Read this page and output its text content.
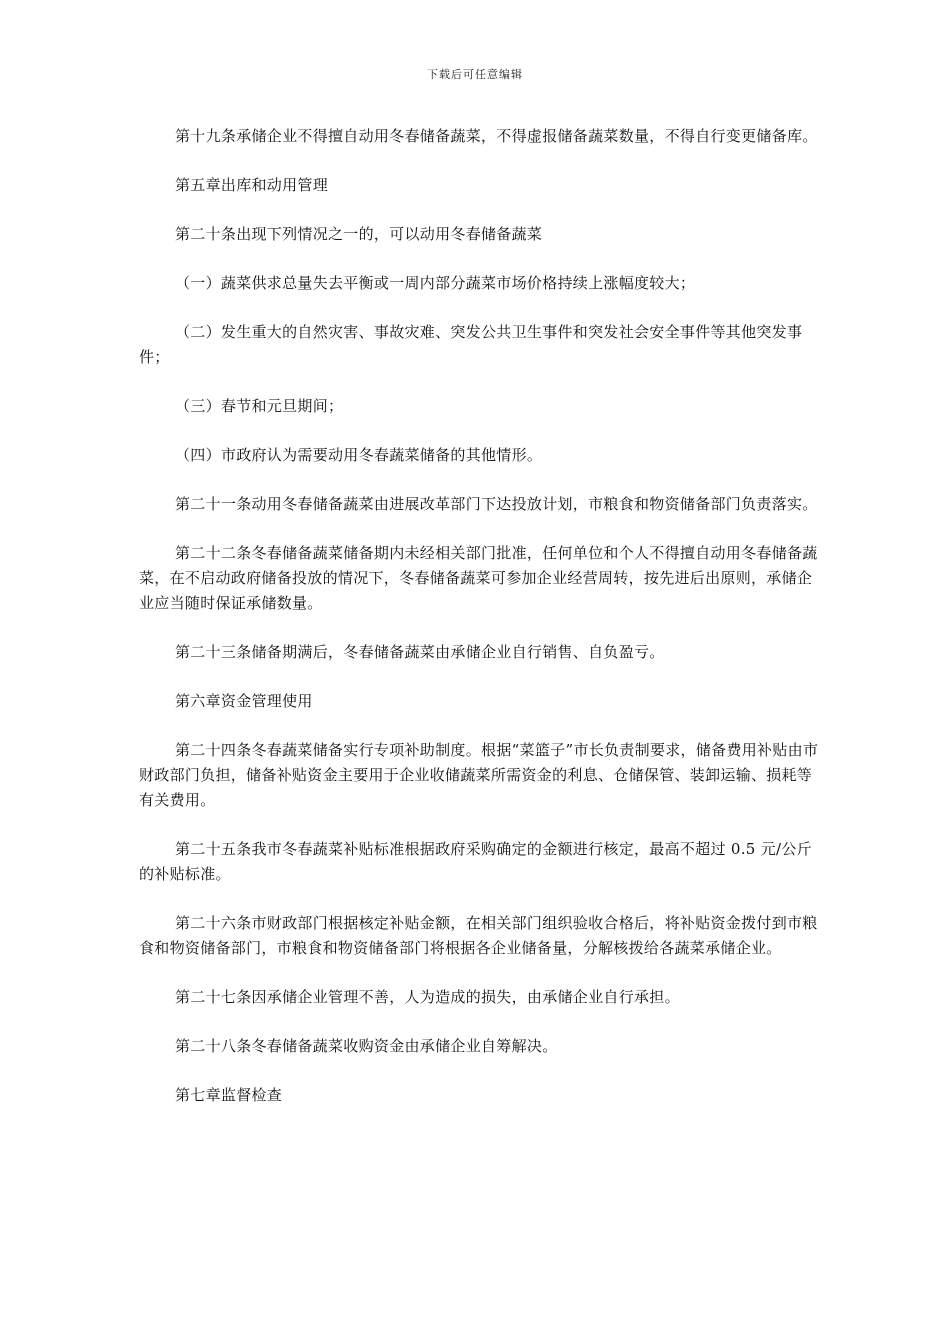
下载后可任意编辑

第十九条承储企业不得擅自动用冬春储备蔬菜，不得虚报储备蔬菜数量，不得自行变更储备库。

第五章出库和动用管理

第二十条出现下列情况之一的，可以动用冬春储备蔬菜

（一）蔬菜供求总量失去平衡或一周内部分蔬菜市场价格持续上涨幅度较大；

（二）发生重大的自然灾害、事故灾难、突发公共卫生事件和突发社会安全事件等其他突发事件；

（三）春节和元旦期间；

（四）市政府认为需要动用冬春蔬菜储备的其他情形。

第二十一条动用冬春储备蔬菜由进展改革部门下达投放计划，市粮食和物资储备部门负责落实。

第二十二条冬春储备蔬菜储备期内未经相关部门批准，任何单位和个人不得擅自动用冬春储备蔬菜，在不启动政府储备投放的情况下，冬春储备蔬菜可参加企业经营周转，按先进后出原则，承储企业应当随时保证承储数量。

第二十三条储备期满后，冬春储备蔬菜由承储企业自行销售、自负盈亏。

第六章资金管理使用

第二十四条冬春蔬菜储备实行专项补助制度。根据“菜篮子”市长负责制要求，储备费用补贴由市财政部门负担，储备补贴资金主要用于企业收储蔬菜所需资金的利息、仓储保管、装卸运输、损耗等有关费用。

第二十五条我市冬春蔬菜补贴标准根据政府采购确定的金额进行核定，最高不超过 0.5 元/公斤的补贴标准。

第二十六条市财政部门根据核定补贴金额，在相关部门组织验收合格后，将补贴资金拨付到市粮食和物资储备部门，市粮食和物资储备部门将根据各企业储备量，分解核拨给各蔬菜承储企业。

第二十七条因承储企业管理不善，人为造成的损失，由承储企业自行承担。

第二十八条冬春储备蔬菜收购资金由承储企业自筹解决。

第七章监督检查
